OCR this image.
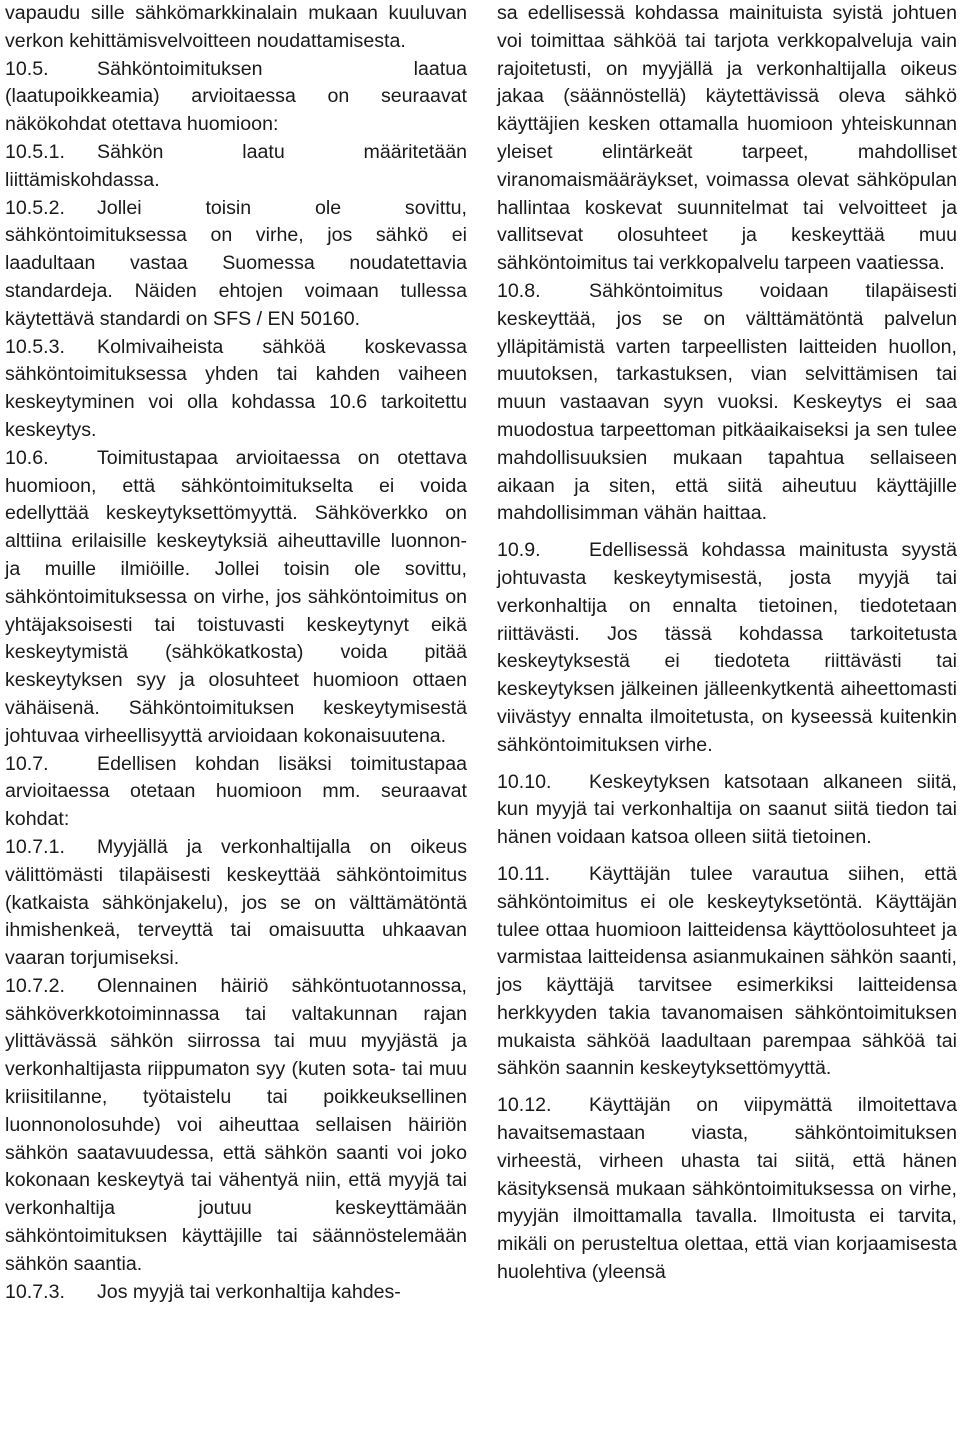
vapaudu sille sähkömarkkinalain mukaan kuuluvan verkon kehittämisvelvoitteen noudattamisesta.

10.5. Sähköntoimituksen laatua (laatupoikkeamia) arvioitaessa on seuraavat näkökohdat otettava huomioon:

10.5.1. Sähkön laatu määritetään liittämiskohdassa.

10.5.2. Jollei toisin ole sovittu, sähköntoimituksessa on virhe, jos sähkö ei laadultaan vastaa Suomessa noudatettavia standardeja. Näiden ehtojen voimaan tullessa käytettävä standardi on SFS / EN 50160.

10.5.3. Kolmivaiheista sähköä koskevassa sähköntoimituksessa yhden tai kahden vaiheen keskeytyminen voi olla kohdassa 10.6 tarkoitettu keskeytys.

10.6. Toimitustapaa arvioitaessa on otettava huomioon, että sähköntoimitukselta ei voida edellyttää keskeytyksettömyyttä. Sähköverkko on alttiina erilaisille keskeytyksiä aiheuttaville luonnon- ja muille ilmiöille. Jollei toisin ole sovittu, sähköntoimituksessa on virhe, jos sähköntoimitus on yhtäjaksoisesti tai toistuvasti keskeytynyt eikä keskeytymistä (sähkökatkosta) voida pitää keskeytyksen syy ja olosuhteet huomioon ottaen vähäisenä. Sähköntoimituksen keskeytymisestä johtuvaa virheellisyyttä arvioidaan kokonaisuutena.

10.7. Edellisen kohdan lisäksi toimitustapaa arvioitaessa otetaan huomioon mm. seuraavat kohdat:

10.7.1. Myyjällä ja verkonhaltijalla on oikeus välittömästi tilapäisesti keskeyttää sähköntoimitus (katkaista sähkönjakelu), jos se on välttämätöntä ihmishenkeä, terveyttä tai omaisuutta uhkaavan vaaran torjumiseksi.

10.7.2. Olennainen häiriö sähköntuotannossa, sähköverkkotoiminnassa tai valtakunnan rajan ylittävässä sähkön siirrossa tai muu myyjästä ja verkonhaltijasta riippumaton syy (kuten sota- tai muu kriisitilanne, työtaistelu tai poikkeuksellinen luonnonolosuhde) voi aiheuttaa sellaisen häiriön sähkön saatavuudessa, että sähkön saanti voi joko kokonaan keskeytyä tai vähentyä niin, että myyjä tai verkonhaltija joutuu keskeyttämään sähköntoimituksen käyttäjille tai säännöstelemään sähkön saantia.

10.7.3. Jos myyjä tai verkonhaltija kahdes-

sa edellisessä kohdassa mainituista syistä johtuen voi toimittaa sähköä tai tarjota verkkopalveluja vain rajoitetusti, on myyjällä ja verkonhaltijalla oikeus jakaa (säännöstellä) käytettävissä oleva sähkö käyttäjien kesken ottamalla huomioon yhteiskunnan yleiset elintärkeät tarpeet, mahdolliset viranomaismääräykset, voimassa olevat sähköpulan hallintaa koskevat suunnitelmat tai velvoitteet ja vallitsevat olosuhteet ja keskeyttää muu sähköntoimitus tai verkkopalvelu tarpeen vaatiessa.

10.8. Sähköntoimitus voidaan tilapäisesti keskeyttää, jos se on välttämätöntä palvelun ylläpitämistä varten tarpeellisten laitteiden huollon, muutoksen, tarkastuksen, vian selvittämisen tai muun vastaavan syyn vuoksi. Keskeytys ei saa muodostua tarpeettoman pitkäaikaiseksi ja sen tulee mahdollisuuksien mukaan tapahtua sellaiseen aikaan ja siten, että siitä aiheutuu käyttäjille mahdollisimman vähän haittaa.

10.9. Edellisessä kohdassa mainitusta syystä johtuvasta keskeytymisestä, josta myyjä tai verkonhaltija on ennalta tietoinen, tiedotetaan riittävästi. Jos tässä kohdassa tarkoitetusta keskeytyksestä ei tiedoteta riittävästi tai keskeytyksen jälkeinen jälleenkytkentä aiheettomasti viivästyy ennalta ilmoitetusta, on kyseessä kuitenkin sähköntoimituksen virhe.

10.10. Keskeytyksen katsotaan alkaneen siitä, kun myyjä tai verkonhaltija on saanut siitä tiedon tai hänen voidaan katsoa olleen siitä tietoinen.

10.11. Käyttäjän tulee varautua siihen, että sähköntoimitus ei ole keskeytyksetöntä. Käyttäjän tulee ottaa huomioon laitteidensa käyttöolosuhteet ja varmistaa laitteidensa asianmukainen sähkön saanti, jos käyttäjä tarvitsee esimerkiksi laitteidensa herkkyyden takia tavanomaisen sähköntoimituksen mukaista sähköä laadultaan parempaa sähköä tai sähkön saannin keskeytyksettömyyttä.

10.12. Käyttäjän on viipymättä ilmoitettava havaitsemastaan viasta, sähköntoimituksen virheestä, virheen uhasta tai siitä, että hänen käsityksensä mukaan sähköntoimituksessa on virhe, myyjän ilmoittamalla tavalla. Ilmoitusta ei tarvita, mikäli on perusteltua olettaa, että vian korjaamisesta huolehtiva (yleensä
